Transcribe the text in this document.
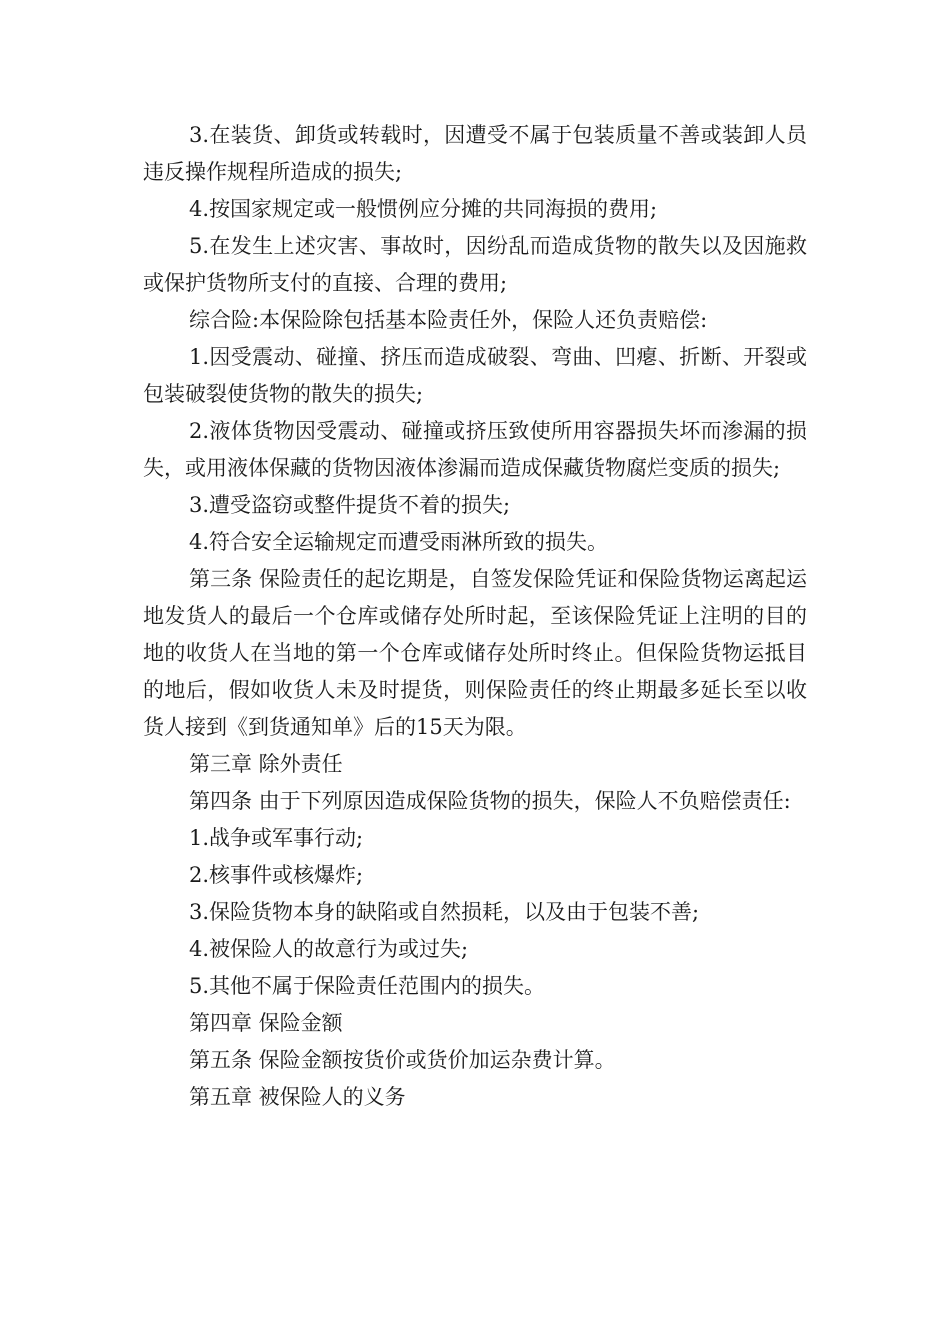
3.在装货、卸货或转载时，因遭受不属于包装质量不善或装卸人员违反操作规程所造成的损失;

4.按国家规定或一般惯例应分摊的共同海损的费用;

5.在发生上述灾害、事故时，因纷乱而造成货物的散失以及因施救或保护货物所支付的直接、合理的费用;

综合险:本保险除包括基本险责任外，保险人还负责赔偿:

1.因受震动、碰撞、挤压而造成破裂、弯曲、凹瘪、折断、开裂或包装破裂使货物的散失的损失;

2.液体货物因受震动、碰撞或挤压致使所用容器损失坏而渗漏的损失，或用液体保藏的货物因液体渗漏而造成保藏货物腐烂变质的损失;

3.遭受盗窃或整件提货不着的损失;

4.符合安全运输规定而遭受雨淋所致的损失。

第三条 保险责任的起讫期是，自签发保险凭证和保险货物运离起运地发货人的最后一个仓库或储存处所时起，至该保险凭证上注明的目的地的收货人在当地的第一个仓库或储存处所时终止。但保险货物运抵目的地后，假如收货人未及时提货，则保险责任的终止期最多延长至以收货人接到《到货通知单》后的15天为限。

第三章 除外责任

第四条 由于下列原因造成保险货物的损失，保险人不负赔偿责任:

1.战争或军事行动;

2.核事件或核爆炸;

3.保险货物本身的缺陷或自然损耗，以及由于包装不善;

4.被保险人的故意行为或过失;

5.其他不属于保险责任范围内的损失。

第四章 保险金额

第五条 保险金额按货价或货价加运杂费计算。

第五章 被保险人的义务
